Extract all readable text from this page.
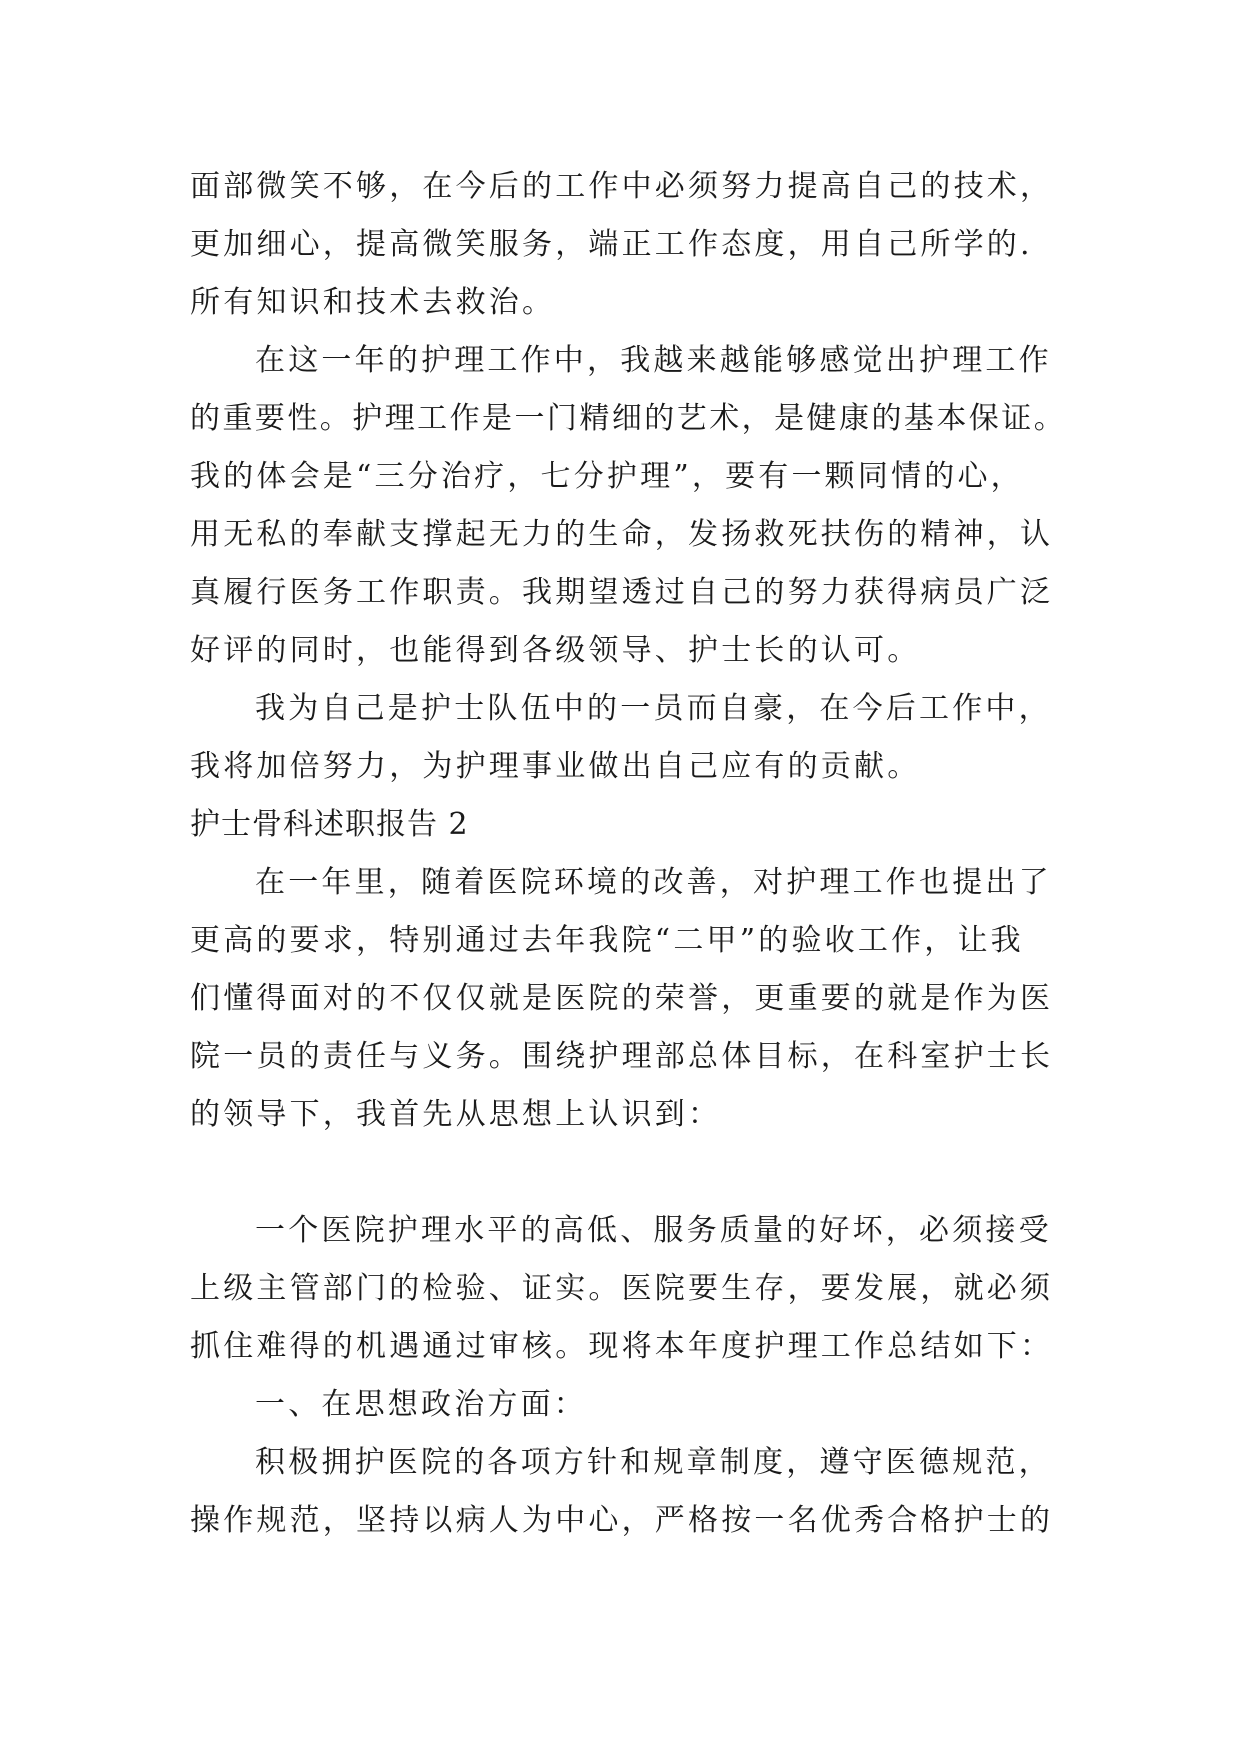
面部微笑不够，在今后的工作中必须努力提高自己的技术，
更加细心，提高微笑服务，端正工作态度，用自己所学的.
所有知识和技术去救治。
在这一年的护理工作中，我越来越能够感觉出护理工作
的重要性。护理工作是一门精细的艺术，是健康的基本保证。
我的体会是“三分治疗，七分护理”，要有一颗同情的心，
用无私的奉献支撑起无力的生命，发扬救死扶伤的精神，认
真履行医务工作职责。我期望透过自己的努力获得病员广泛
好评的同时，也能得到各级领导、护士长的认可。
我为自己是护士队伍中的一员而自豪，在今后工作中，
我将加倍努力，为护理事业做出自己应有的贡献。
护士骨科述职报告 2
在一年里，随着医院环境的改善，对护理工作也提出了
更高的要求，特别通过去年我院“二甲”的验收工作，让我
们懂得面对的不仅仅就是医院的荣誉，更重要的就是作为医
院一员的责任与义务。围绕护理部总体目标，在科室护士长
的领导下，我首先从思想上认识到：
一个医院护理水平的高低、服务质量的好坏，必须接受
上级主管部门的检验、证实。医院要生存，要发展，就必须
抓住难得的机遇通过审核。现将本年度护理工作总结如下：
一、在思想政治方面：
积极拥护医院的各项方针和规章制度，遵守医德规范，
操作规范，坚持以病人为中心，严格按一名优秀合格护士的
